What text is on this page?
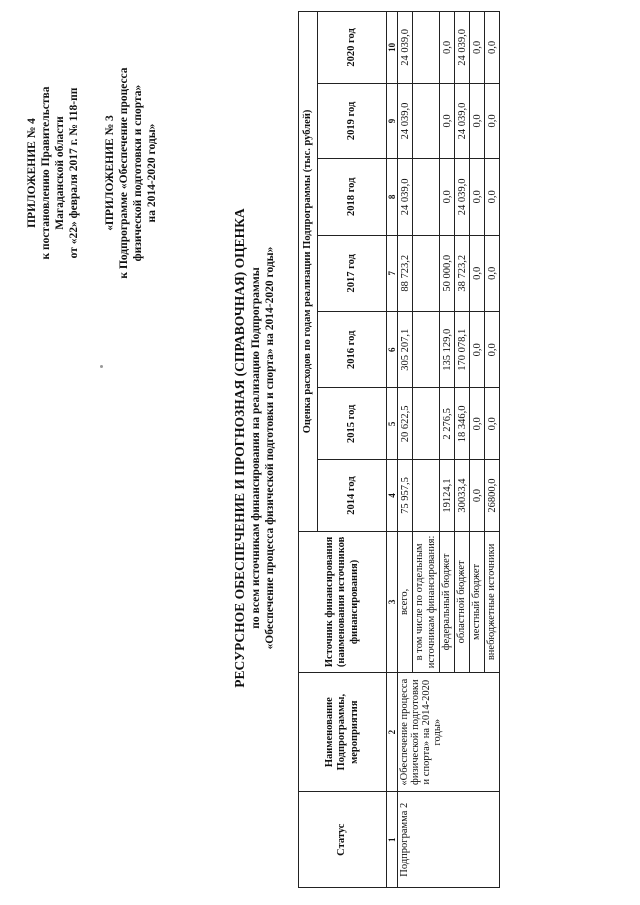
ПРИЛОЖЕНИЕ № 4 к постановлению Правительства Магаданской области от «22» февраля 2017 г. № 118-пп «ПРИЛОЖЕНИЕ № 3 к Подпрограмме «Обеспечение процесса физической подготовки и спорта» на 2014-2020 годы»
РЕСУРСНОЕ ОБЕСПЕЧЕНИЕ И ПРОГНОЗНАЯ (СПРАВОЧНАЯ) ОЦЕНКА по всем источникам финансирования на реализацию Подпрограммы «Обеспечение процесса физической подготовки и спорта» на 2014-2020 годы»
Статус	Наименование Подпрограммы, мероприятия	Источник финансирования (наименования источников финансирования)	Оценка расходов по годам реализации Подпрограммы (тыс. рублей)						
			2014 год	2015 год	2016 год	2017 год	2018 год	2019 год	2020 год
1	2	3	4	5	6	7	8	9	10
Подпрограмма 2	«Обеспечение процесса физической подготовки и спорта» на 2014-2020 годы»	всего,	75 957,5	20 622,5	305 207,1	88 723,2	24 039,0	24 039,0	24 039,0
		в том числе по отдельным источникам финансирования:							
		федеральный бюджет	19124,1	2 276,5	135 129,0	50 000,0	0,0	0,0	0,0
		областной бюджет	30033,4	18 346,0	170 078,1	38 723,2	24 039,0	24 039,0	24 039,0
		местный бюджет	0,0	0,0	0,0	0,0	0,0	0,0	0,0
		внебюджетные источники	26800,0	0,0	0,0	0,0	0,0	0,0	0,0
